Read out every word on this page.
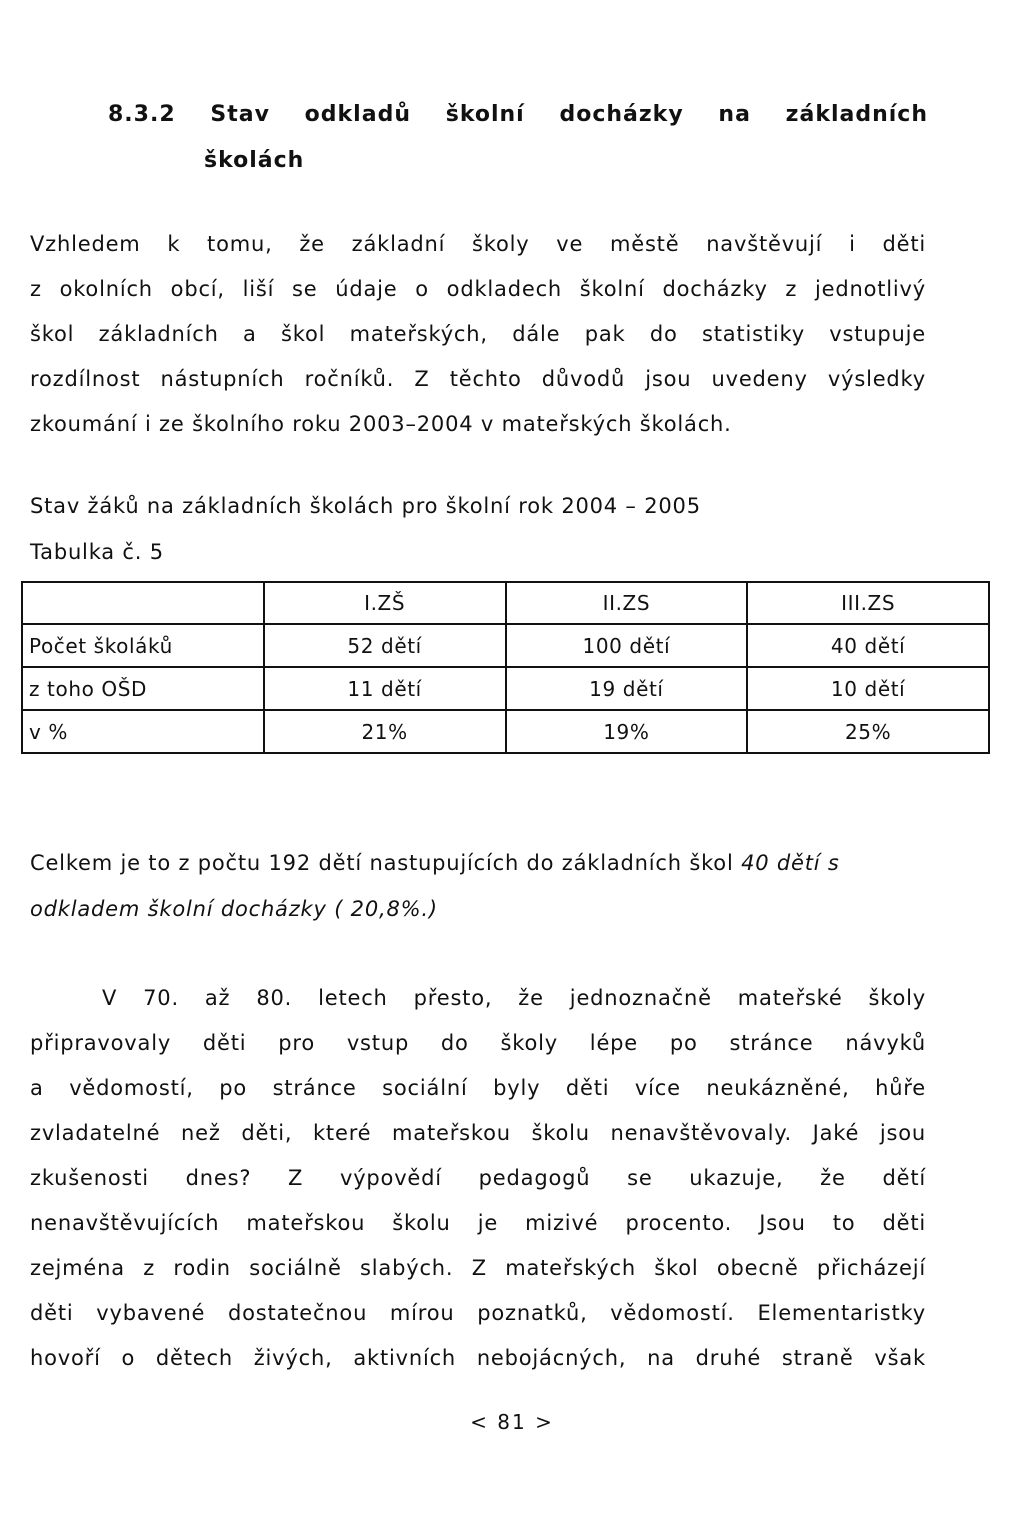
8.3.2 Stav odkladů školní docházky na základních
školách
Vzhledem k tomu, že základní školy ve městě navštěvují i děti
z okolních obcí, liší se údaje o odkladech školní docházky z jednotlivý
škol základních a škol mateřských, dále pak do statistiky vstupuje
rozdílnost nástupních ročníků. Z těchto důvodů jsou uvedeny výsledky
zkoumání i ze školního roku 2003–2004 v mateřských školách.
Stav žáků na základních školách pro školní rok 2004 – 2005
Tabulka č. 5
	I.ZŠ	II.ZS	III.ZS
Počet školáků	52 dětí	100 dětí	40 dětí
z toho OŠD	11 dětí	19 dětí	10 dětí
v %	21%	19%	25%

Celkem je to z počtu 192 dětí nastupujících do základních škol 40 dětí s odkladem školní docházky ( 20,8%.)

V 70. až 80. letech přesto, že jednoznačně mateřské školy
připravovaly děti pro vstup do školy lépe po stránce návyků
a vědomostí, po stránce sociální byly děti více neukázněné, hůře
zvladatelné než děti, které mateřskou školu nenavštěvovaly. Jaké jsou
zkušenosti dnes? Z výpovědí pedagogů se ukazuje, že dětí
nenavštěvujících mateřskou školu je mizivé procento. Jsou to děti
zejména z rodin sociálně slabých. Z mateřských škol obecně přicházejí
děti vybavené dostatečnou mírou poznatků, vědomostí. Elementaristky
hovoří o dětech živých, aktivních nebojácných, na druhé straně však
< 81 >
